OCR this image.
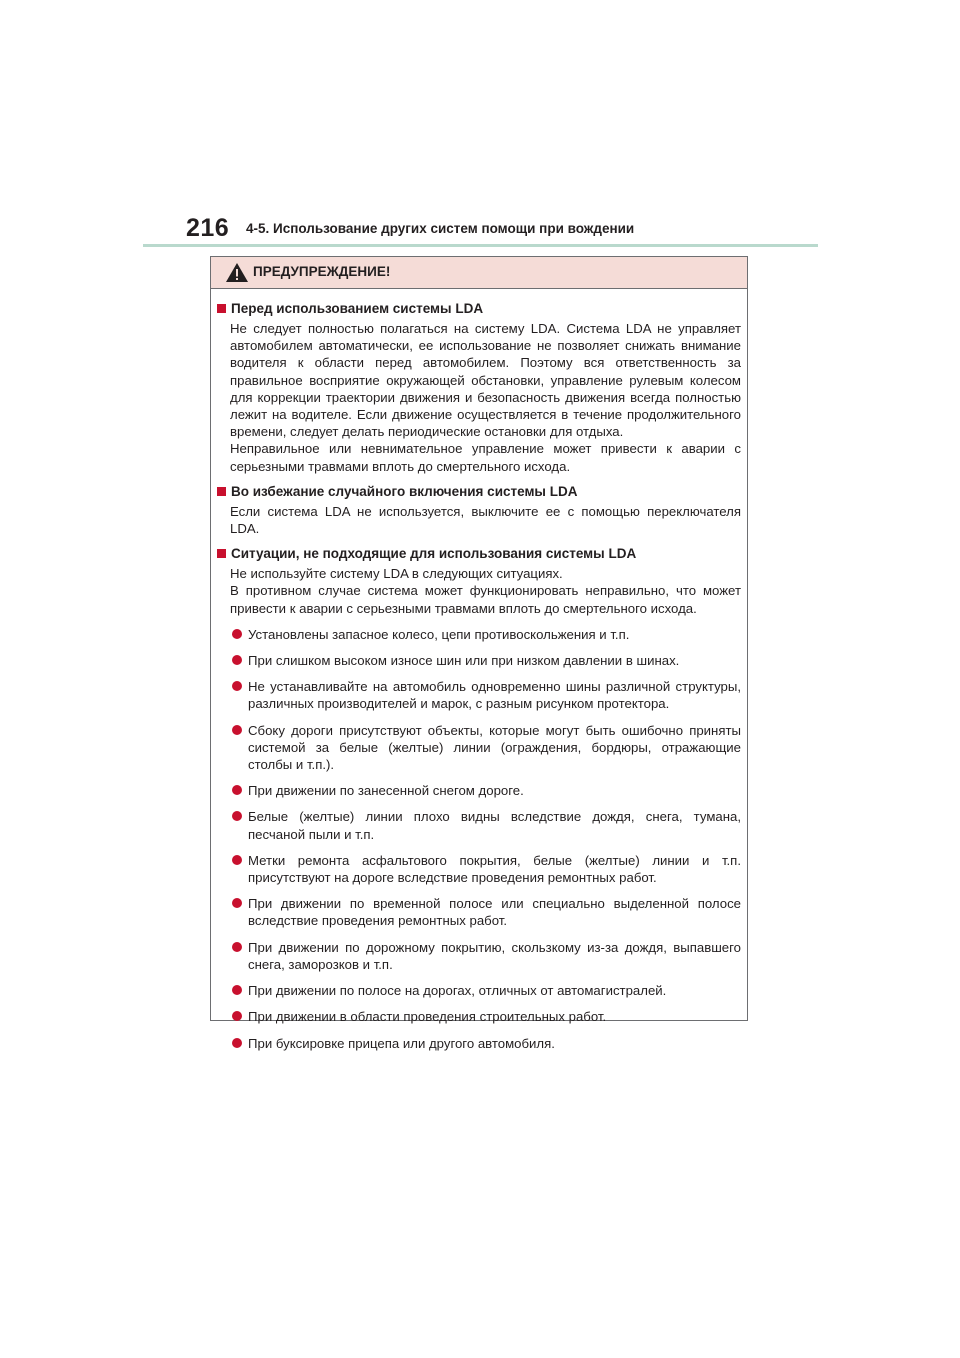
216 4-5. Использование других систем помощи при вождении
ПРЕДУПРЕЖДЕНИЕ!
Перед использованием системы LDA

Не следует полностью полагаться на систему LDA. Система LDA не управляет автомобилем автоматически, ее использование не позволяет снижать внимание водителя к области перед автомобилем. Поэтому вся ответственность за правильное восприятие окружающей обстановки, управление рулевым колесом для коррекции траектории движения и безопасность движения всегда полностью лежит на водителе. Если движение осуществляется в течение продолжительного времени, следует делать периодические остановки для отдыха.

Неправильное или невнимательное управление может привести к аварии с серьезными травмами вплоть до смертельного исхода.

Во избежание случайного включения системы LDA

Если система LDA не используется, выключите ее с помощью переключателя LDA.

Ситуации, не подходящие для использования системы LDA

Не используйте систему LDA в следующих ситуациях.

В противном случае система может функционировать неправильно, что может привести к аварии с серьезными травмами вплоть до смертельного исхода.

Установлены запасное колесо, цепи противоскольжения и т.п.
При слишком высоком износе шин или при низком давлении в шинах.
Не устанавливайте на автомобиль одновременно шины различной структуры, различных производителей и марок, с разным рисунком протектора.
Сбоку дороги присутствуют объекты, которые могут быть ошибочно приняты системой за белые (желтые) линии (ограждения, бордюры, отражающие столбы и т.п.).
При движении по занесенной снегом дороге.
Белые (желтые) линии плохо видны вследствие дождя, снега, тумана, песчаной пыли и т.п.
Метки ремонта асфальтового покрытия, белые (желтые) линии и т.п. присутствуют на дороге вследствие проведения ремонтных работ.
При движении по временной полосе или специально выделенной полосе вследствие проведения ремонтных работ.
При движении по дорожному покрытию, скользкому из-за дождя, выпавшего снега, заморозков и т.п.
При движении по полосе на дорогах, отличных от автомагистралей.
При движении в области проведения строительных работ.
При буксировке прицепа или другого автомобиля.
